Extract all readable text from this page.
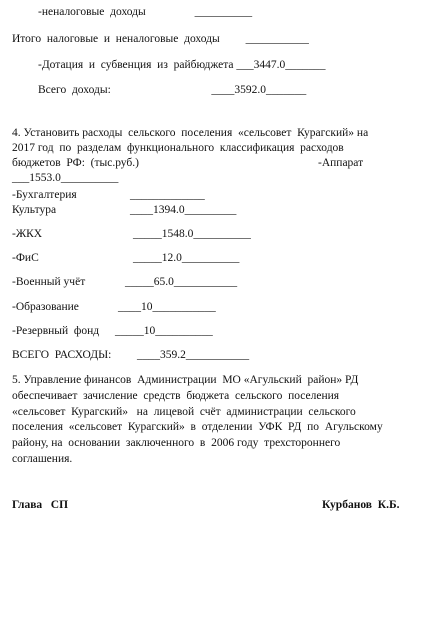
-неналоговые  доходы                 __________
Итого  налоговые  и  неналоговые  доходы         ___________
-Дотация  и  субвенция  из  райбюджета ___3447.0_______
Всего  доходы:                                   ____3592.0_______
4. Установить расходы  сельского  поселения  «сельсовет  Курагский» на
2017 год  по  разделам  функционального  классификация  расходов
бюджетов  РФ:  (тыс.руб.)	-Аппарат
___1553.0__________
-Бухгалтерия	_____________
Культура	____1394.0_________
-ЖКХ	_____1548.0__________
-ФиС	_____12.0__________
-Военный учёт	_____65.0___________
-Образование	____10___________
-Резервный  фонд _____10__________
ВСЕГО  РАСХОДЫ: ____359.2___________
5. Управление финансов  Администрации  МО «Агульский  район» РД
обеспечивает  зачисление  средств  бюджета  сельского  поселения
«сельсовет  Курагский»   на  лицевой  счёт  администрации  сельского
поселения  «сельсовет  Курагский»  в  отделении  УФК  РД  по  Агульскому
району, на  основании  заключенного  в  2006 году  трехстороннего
соглашения.
Глава   СП	Курбанов  К.Б.
